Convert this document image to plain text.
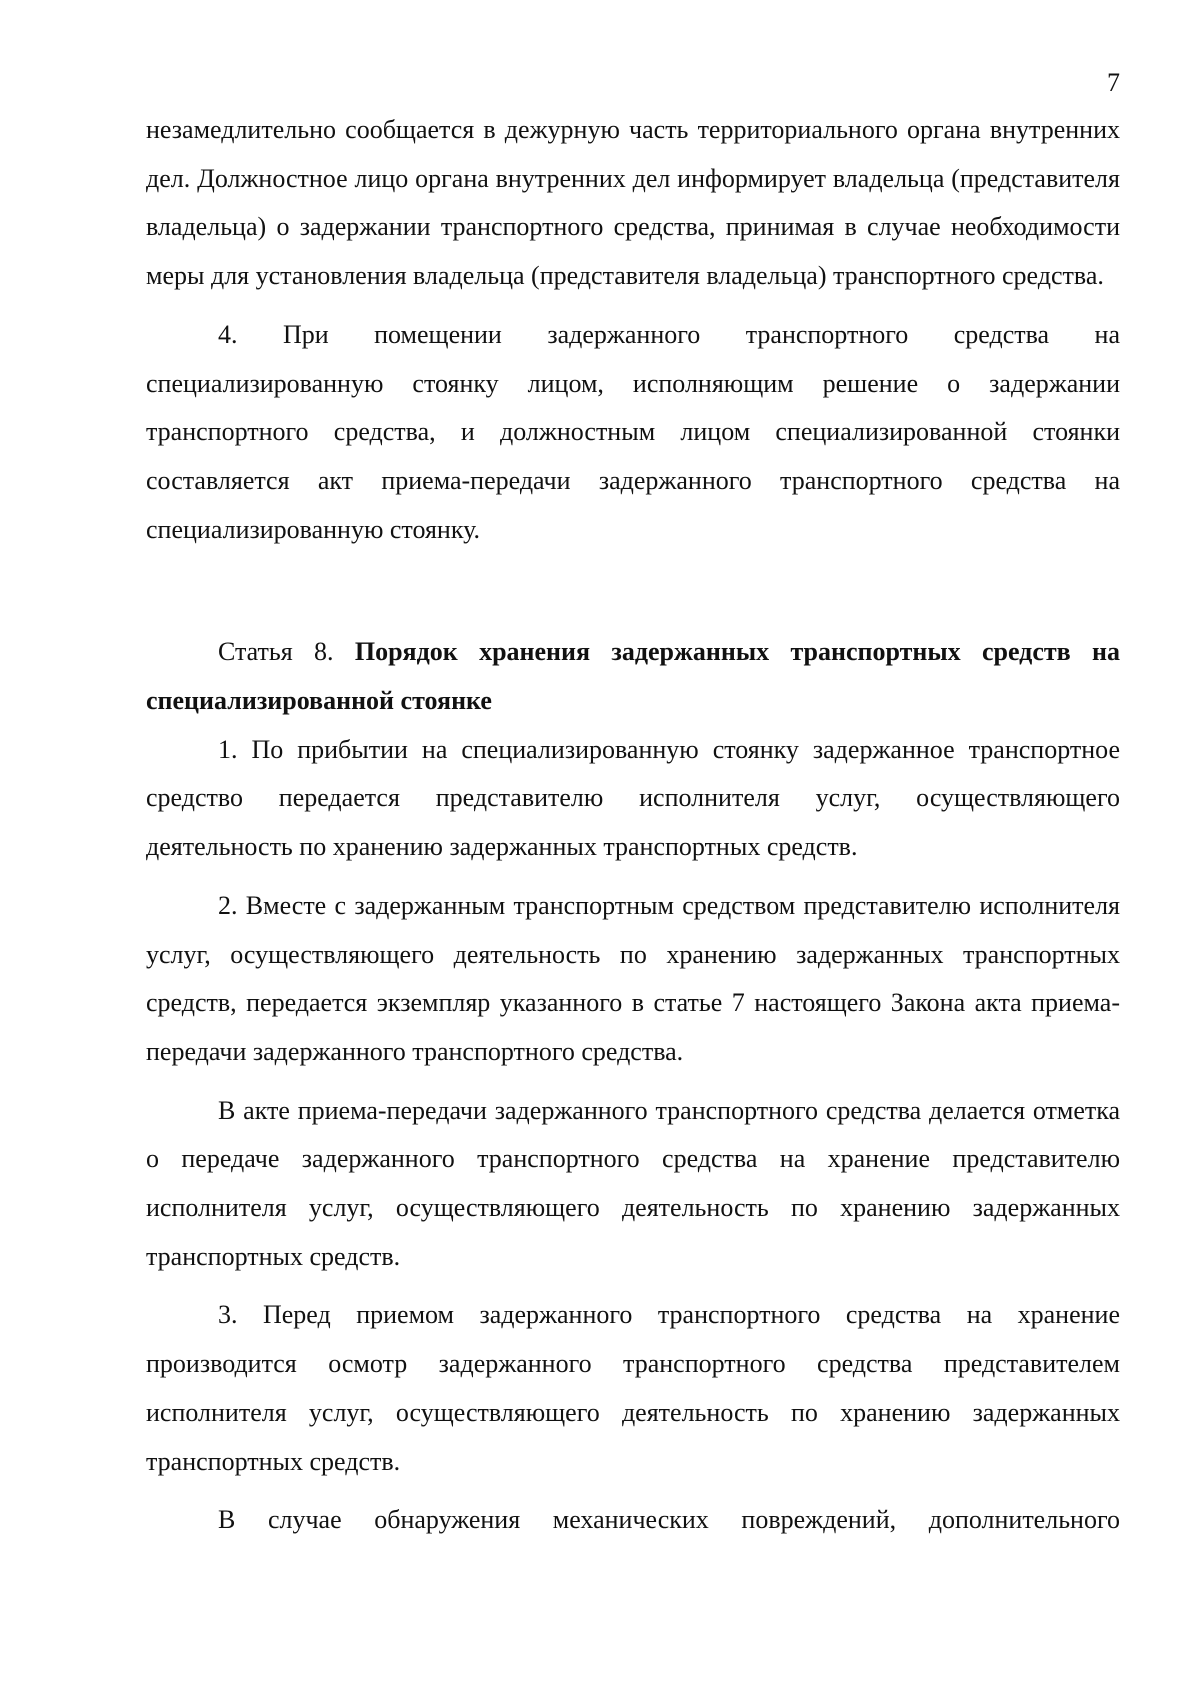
7

незамедлительно сообщается в дежурную часть территориального органа внутренних дел. Должностное лицо органа внутренних дел информирует владельца (представителя владельца) о задержании транспортного средства, принимая в случае необходимости меры для установления владельца (представителя владельца) транспортного средства.

4. При помещении задержанного транспортного средства на специализированную стоянку лицом, исполняющим решение о задержании транспортного средства, и должностным лицом специализированной стоянки составляется акт приема-передачи задержанного транспортного средства на специализированную стоянку.

Статья 8. Порядок хранения задержанных транспортных средств на специализированной стоянке

1. По прибытии на специализированную стоянку задержанное транспортное средство передается представителю исполнителя услуг, осуществляющего деятельность по хранению задержанных транспортных средств.

2. Вместе с задержанным транспортным средством представителю исполнителя услуг, осуществляющего деятельность по хранению задержанных транспортных средств, передается экземпляр указанного в статье 7 настоящего Закона акта приема-передачи задержанного транспортного средства.

В акте приема-передачи задержанного транспортного средства делается отметка о передаче задержанного транспортного средства на хранение представителю исполнителя услуг, осуществляющего деятельность по хранению задержанных транспортных средств.

3. Перед приемом задержанного транспортного средства на хранение производится осмотр задержанного транспортного средства представителем исполнителя услуг, осуществляющего деятельность по хранению задержанных транспортных средств.

В случае обнаружения механических повреждений, дополнительного
